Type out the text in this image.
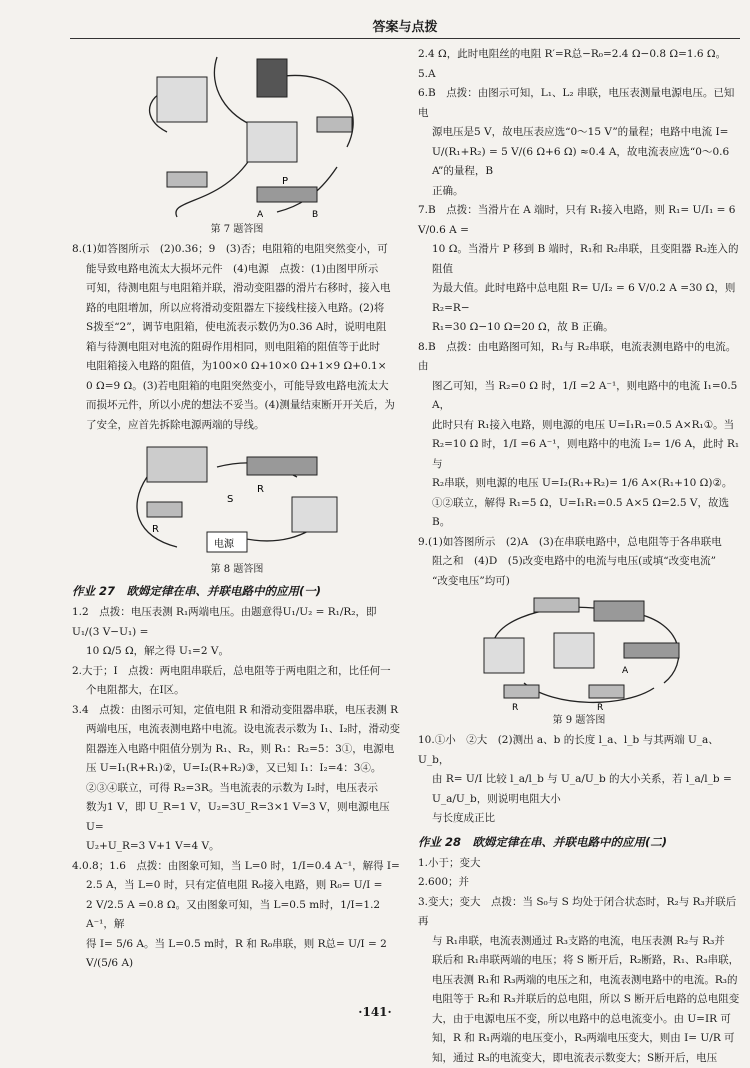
答案与点拨
P
A	B
第 7 题答图

8.(1)如答图所示　(2)0.36；9　(3)否；电阻箱的电阻突然变小，可

能导致电路电流太大损坏元件　(4)电源　点拨：(1)由图甲所示

可知，待测电阻与电阻箱并联，滑动变阻器的滑片右移时，接入电

路的电阻增加，所以应将滑动变阻器左下接线柱接入电路。(2)将

S拨至“2”，调节电阻箱，使电流表示数仍为0.36 A时，说明电阻

箱与待测电阻对电流的阻碍作用相同，则电阻箱的阻值等于此时

电阻箱接入电路的阻值，为100×0 Ω+10×0 Ω+1×9 Ω+0.1×

0 Ω=9 Ω。(3)若电阻箱的电阻突然变小，可能导致电路电流太大

而损坏元件，所以小虎的想法不妥当。(4)测量结束断开开关后，为

了安全，应首先拆除电源两端的导线。

R
R
S
电源
第 8 题答图
作业 27　欧姆定律在串、并联电路中的应用(一)

1.2　点拨：电压表测 R₁两端电压。由题意得U₁/U₂ = R₁/R₂，即U₁/(3 V−U₁) =

10 Ω/5 Ω，解之得 U₁=2 V。

2.大于；Ⅰ　点拨：两电阻串联后，总电阻等于两电阻之和，比任何一

个电阻都大，在Ⅰ区。

3.4　点拨：由图示可知，定值电阻 R 和滑动变阻器串联，电压表测 R

两端电压，电流表测电路中电流。设电流表示数为 I₁、I₂时，滑动变

阻器连入电路中阻值分别为 R₁、R₂，则 R₁：R₂=5：3①，电源电

压 U=I₁(R+R₁)②，U=I₂(R+R₂)③，又已知 I₁：I₂=4：3④。

②③④联立，可得 R₂=3R。当电流表的示数为 I₂时，电压表示

数为1 V，即 U_R=1 V，U₂=3U_R=3×1 V=3 V，则电源电压 U=

U₂+U_R=3 V+1 V=4 V。

4.0.8；1.6　点拨：由图象可知，当 L=0 时，1/I=0.4 A⁻¹，解得 I=

2.5 A，当 L=0 时，只有定值电阻 R₀接入电路，则 R₀= U/I =

2 V/2.5 A =0.8 Ω。又由图象可知，当 L=0.5 m时，1/I=1.2 A⁻¹，解

得 I= 5/6 A。当 L=0.5 m时，R 和 R₀串联，则 R总= U/I = 2 V/(5/6 A)

2.4 Ω，此时电阻丝的电阻 R′=R总−R₀=2.4 Ω−0.8 Ω=1.6 Ω。

5.A

6.B　点拨：由图示可知，L₁、L₂ 串联，电压表测量电源电压。已知电

源电压是5 V，故电压表应选“0～15 V”的量程；电路中电流 I=

U/(R₁+R₂) = 5 V/(6 Ω+6 Ω) ≈0.4 A，故电流表应选“0～0.6 A”的量程，B

正确。

7.B　点拨：当滑片在 A 端时，只有 R₁接入电路，则 R₁= U/I₁ = 6 V/0.6 A =

10 Ω。当滑片 P 移到 B 端时，R₁和 R₂串联，且变阻器 R₂连入的阻值

为最大值。此时电路中总电阻 R= U/I₂ = 6 V/0.2 A =30 Ω，则 R₂=R−

R₁=30 Ω−10 Ω=20 Ω，故 B 正确。

8.B　点拨：由电路图可知，R₁与 R₂串联，电流表测电路中的电流。由

图乙可知，当 R₂=0 Ω 时，1/I =2 A⁻¹，则电路中的电流 I₁=0.5 A，

此时只有 R₁接入电路，则电源的电压 U=I₁R₁=0.5 A×R₁①。当

R₂=10 Ω 时，1/I =6 A⁻¹，则电路中的电流 I₂= 1/6 A，此时 R₁与

R₂串联，则电源的电压 U=I₂(R₁+R₂)= 1/6 A×(R₁+10 Ω)②。

①②联立，解得 R₁=5 Ω，U=I₁R₁=0.5 A×5 Ω=2.5 V，故选 B。

9.(1)如答图所示　(2)A　(3)在串联电路中，总电阻等于各串联电

阻之和　(4)D　(5)改变电路中的电流与电压(或填“改变电流”

“改变电压”均可)

A
R	R
第 9 题答图

10.①小　②大　(2)测出 a、b 的长度 l_a、l_b 与其两端 U_a、U_b，

由 R= U/I 比较 l_a/l_b 与 U_a/U_b 的大小关系，若 l_a/l_b = U_a/U_b，则说明电阻大小

与长度成正比

作业 28　欧姆定律在串、并联电路中的应用(二)

1.小于；变大

2.600；并

3.变大；变大　点拨：当 S₀与 S 均处于闭合状态时，R₂与 R₃并联后再

与 R₁串联，电流表测通过 R₃支路的电流，电压表测 R₂与 R₃并

联后和 R₁串联两端的电压；将 S 断开后，R₂断路，R₁、R₃串联，

电压表测 R₁和 R₃两端的电压之和，电流表测电路中的电流。R₃的

电阻等于 R₂和 R₃并联后的总电阻，所以 S 断开后电路的总电阻变

大，由于电源电压不变，所以电路中的总电流变小。由 U=IR 可

知，R 和 R₁两端的电压变小，R₃两端电压变大，则由 I= U/R 可

知，通过 R₃的电流变大，即电流表示数变大；S断开后，电压

·141·
